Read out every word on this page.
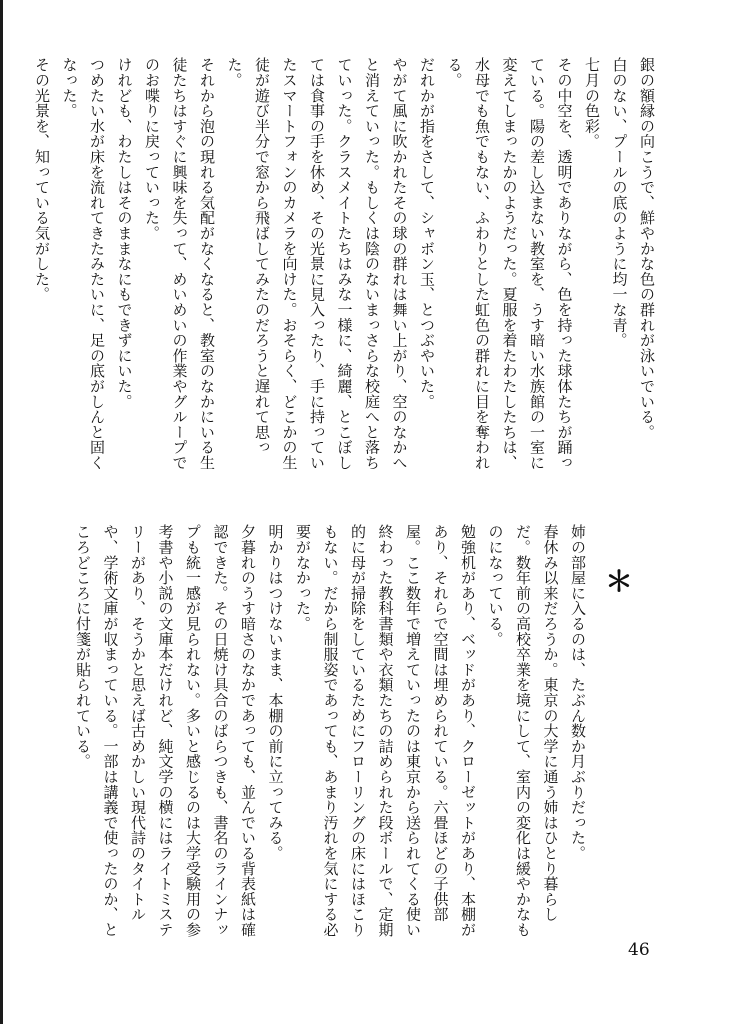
銀の額縁の向こうで、鮮やかな色の群れが泳いでいる。

白のない、プールの底のように均一な青。

七月の色彩。

その中空を、透明でありながら、色を持った球体たちが踊っている。陽の差し込まない教室を、うす暗い水族館の一室に変えてしまったかのようだった。夏服を着たわたしたちは、水母でも魚でもない、ふわりとした虹色の群れに目を奪われる。

だれかが指をさして、シャボン玉、とつぶやいた。

やがて風に吹かれたその球の群れは舞い上がり、空のなかへと消えていった。もしくは陰のないまっさらな校庭へと落ちていった。クラスメイトたちはみな一様に、綺麗、とこぼしては食事の手を休め、その光景に見入ったり、手に持っていたスマートフォンのカメラを向けた。おそらく、どこかの生徒が遊び半分で窓から飛ばしてみたのだろうと遅れて思った。

それから泡の現れる気配がなくなると、教室のなかにいる生徒たちはすぐに興味を失って、めいめいの作業やグループでのお喋りに戻っていった。

けれども、わたしはそのままなにもできずにいた。

つめたい水が床を流れてきたみたいに、足の底がしんと固くなった。

その光景を、知っている気がした。

＊

姉の部屋に入るのは、たぶん数か月ぶりだった。

春休み以来だろうか。東京の大学に通う姉はひとり暮らしだ。数年前の高校卒業を境にして、室内の変化は緩やかなものになっている。

勉強机があり、ベッドがあり、クローゼットがあり、本棚があり、それらで空間は埋められている。六畳ほどの子供部屋。ここ数年で増えていったのは東京から送られてくる使い終わった教科書類や衣類たちの詰められた段ボールで、定期的に母が掃除をしているためにフローリングの床にはほこりもない。だから制服姿であっても、あまり汚れを気にする必要がなかった。

明かりはつけないまま、本棚の前に立ってみる。

夕暮れのうす暗さのなかであっても、並んでいる背表紙は確認できた。その日焼け具合のばらつきも、書名のラインナップも統一感が見られない。多いと感じるのは大学受験用の参考書や小説の文庫本だけれど、純文学の横にはライトミステリーがあり、そうかと思えば古めかしい現代詩のタイトルや、学術文庫が収まっている。一部は講義で使ったのか、ところどころに付箋が貼られている。

46
